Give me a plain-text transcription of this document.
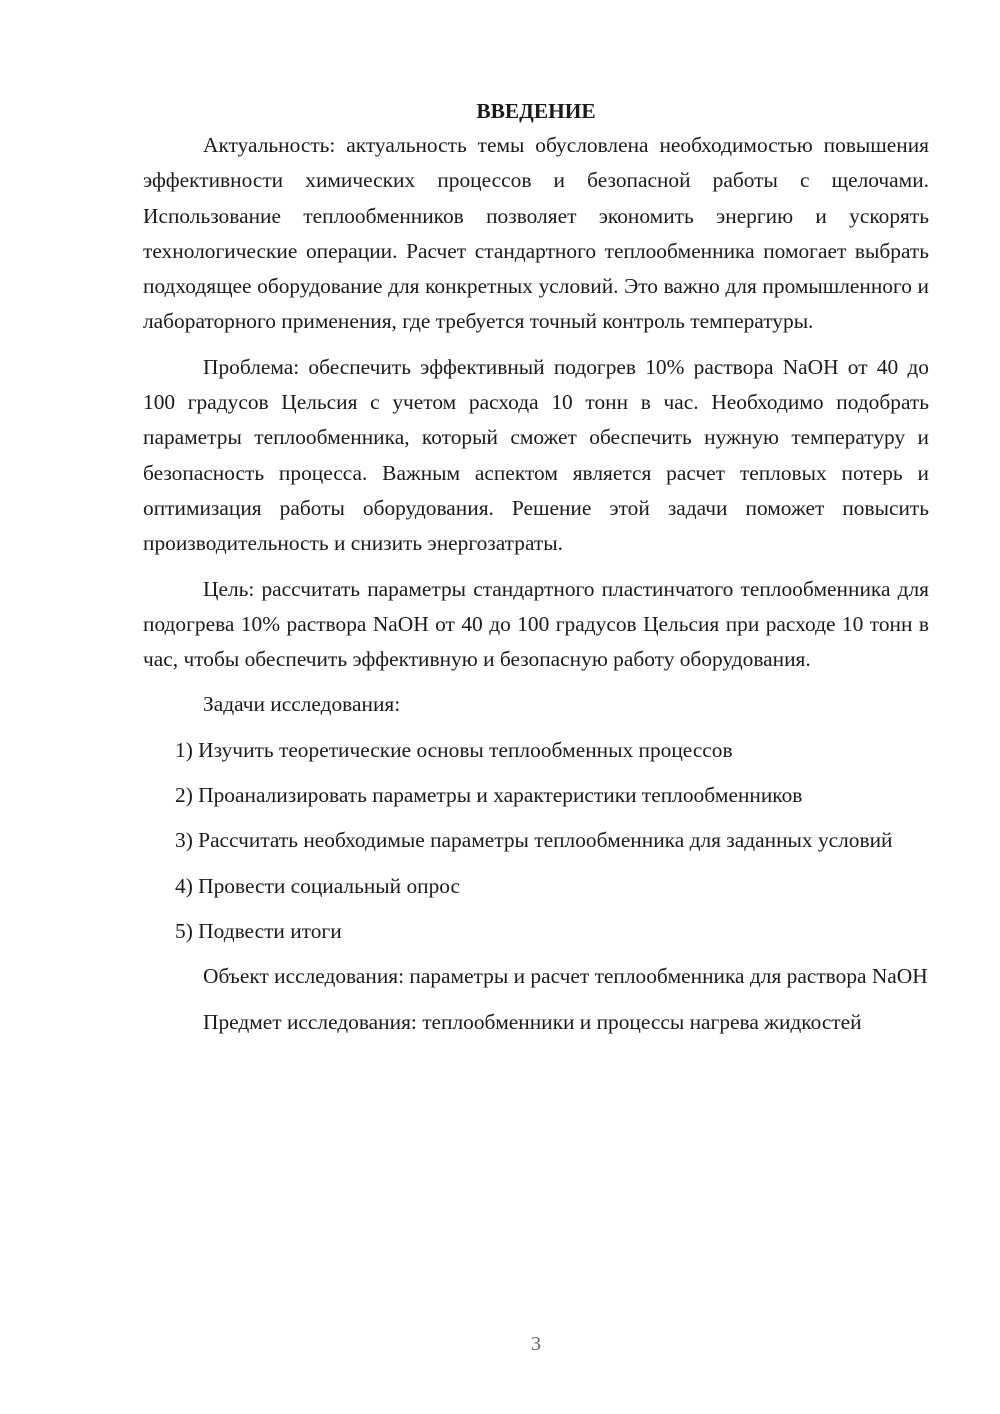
ВВЕДЕНИЕ

Актуальность: актуальность темы обусловлена необходимостью повышения эффективности химических процессов и безопасной работы с щелочами. Использование теплообменников позволяет экономить энергию и ускорять технологические операции. Расчет стандартного теплообменника помогает выбрать подходящее оборудование для конкретных условий. Это важно для промышленного и лабораторного применения, где требуется точный контроль температуры.

Проблема: обеспечить эффективный подогрев 10% раствора NaOH от 40 до 100 градусов Цельсия с учетом расхода 10 тонн в час. Необходимо подобрать параметры теплообменника, который сможет обеспечить нужную температуру и безопасность процесса. Важным аспектом является расчет тепловых потерь и оптимизация работы оборудования. Решение этой задачи поможет повысить производительность и снизить энергозатраты.

Цель: рассчитать параметры стандартного пластинчатого теплообменника для подогрева 10% раствора NaOH от 40 до 100 градусов Цельсия при расходе 10 тонн в час, чтобы обеспечить эффективную и безопасную работу оборудования.

Задачи исследования:

1) Изучить теоретические основы теплообменных процессов

2) Проанализировать параметры и характеристики теплообменников

3) Рассчитать необходимые параметры теплообменника для заданных условий

4) Провести социальный опрос

5) Подвести итоги

Объект исследования: параметры и расчет теплообменника для раствора NaOH

Предмет исследования: теплообменники и процессы нагрева жидкостей

3
